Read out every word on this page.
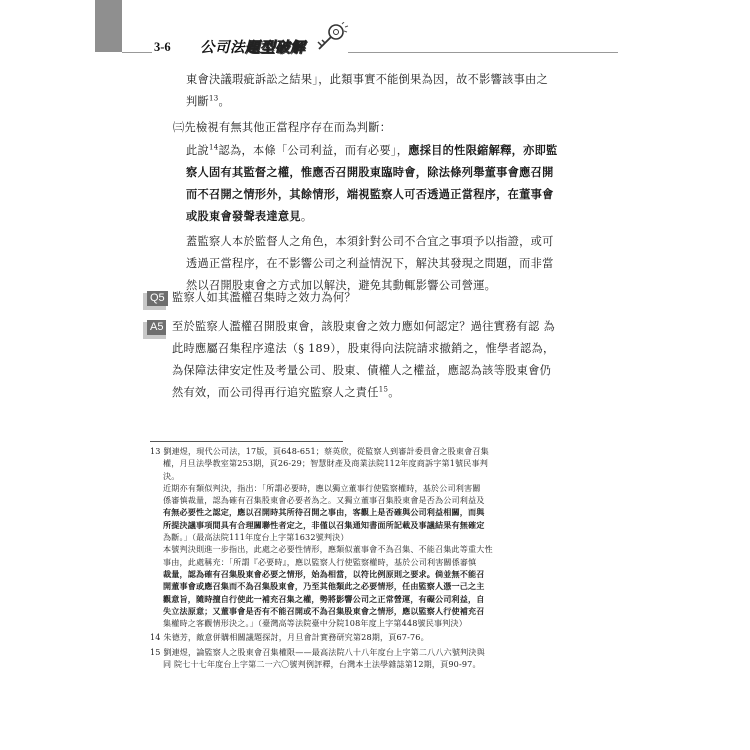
3-6 公司法題型破解
東會決議瑕疵訴訟之結果」，此類事實不能倒果為因，故不影響該事由之
判斷$^{13}$。
㈢先檢視有無其他正當程序存在而為判斷：
此說$^{14}$認為，本條「公司利益，而有必要」，應採目的性限縮解釋，亦即監
察人固有其監督之權，惟應否召開股東臨時會，除法條列舉董事會應召開
而不召開之情形外，其餘情形，端視監察人可否透過正當程序，在董事會
或股東會發聲表達意見。
蓋監察人本於監督人之角色，本須針對公司不合宜之事項予以指證，或可
透過正當程序，在不影響公司之利益情況下，解決其發現之問題，而非當
然以召開股東會之方式加以解決，避免其動輒影響公司營運。
Q5 監察人如其濫權召集時之效力為何？
A5 至於監察人濫權召開股東會，該股東會之效力應如何認定？過往實務有認 為
此時應屬召集程序違法（§ 189），股東得向法院請求撤銷之，惟學者認為，
為保障法律安定性及考量公司、股東、債權人之權益，應認為該等股東會仍
然有效，而公司得再行追究監察人之責任$^{15}$。
13 劉連煜，現代公司法，17版，頁648-651；蔡英欣，從監察人到審計委員會之股東會召集
權，月旦法學教室第253期，頁26-29；智慧財產及商業法院112年度商訴字第1號民事判
決。
近期亦有類似判決，指出：「所謂必要時，應以獨立董事行使監察權時，基於公司利害關
係審慎裁量，認為確有召集股東會必要者為之。又獨立董事召集股東會是否為公司利益及
有無必要性之認定，應以召開時其所待召開之事由，客觀上是否確與公司利益相關，而與
所提決議事項間具有合理關聯性者定之，非僅以召集通知書面所記載及事議結果有無確定
為斷。」（最高法院111年度台上字第1632號判決）
本號判決則進一步指出，此處之必要性情形，應類似董事會不為召集、不能召集此等重大性
事由，此處稱充：「所謂『必要時』，應以監察人行使監察權時，基於公司利害關係審慎
裁量，認為確有召集股東會必要之情形，始為相當，以符比例原則之要求。倘並無不能召
開董事會或應召集而不為召集股東會，乃至其他類此之必要情形，任由監察人憑一己之主
觀意旨，隨時擅自行使此一補充召集之權，勢將影響公司之正常營運，有礙公司利益，自
失立法原意；又董事會是否有不能召開或不為召集股東會之情形，應以監察人行使補充召
集權時之客觀情形決之。」（臺灣高等法院臺中分院108年度上字第448號民事判決）
14 朱德芳，敵意併購相關議題探討，月旦會計實務研究第28期，頁67-76。
15 劉連煜，論監察人之股東會召集權限——最高法院八十八年度台上字第二八八六號判決與
同 院七十七年度台上字第二一六〇號判例評釋，台灣本土法學雜誌第12期，頁90-97。
